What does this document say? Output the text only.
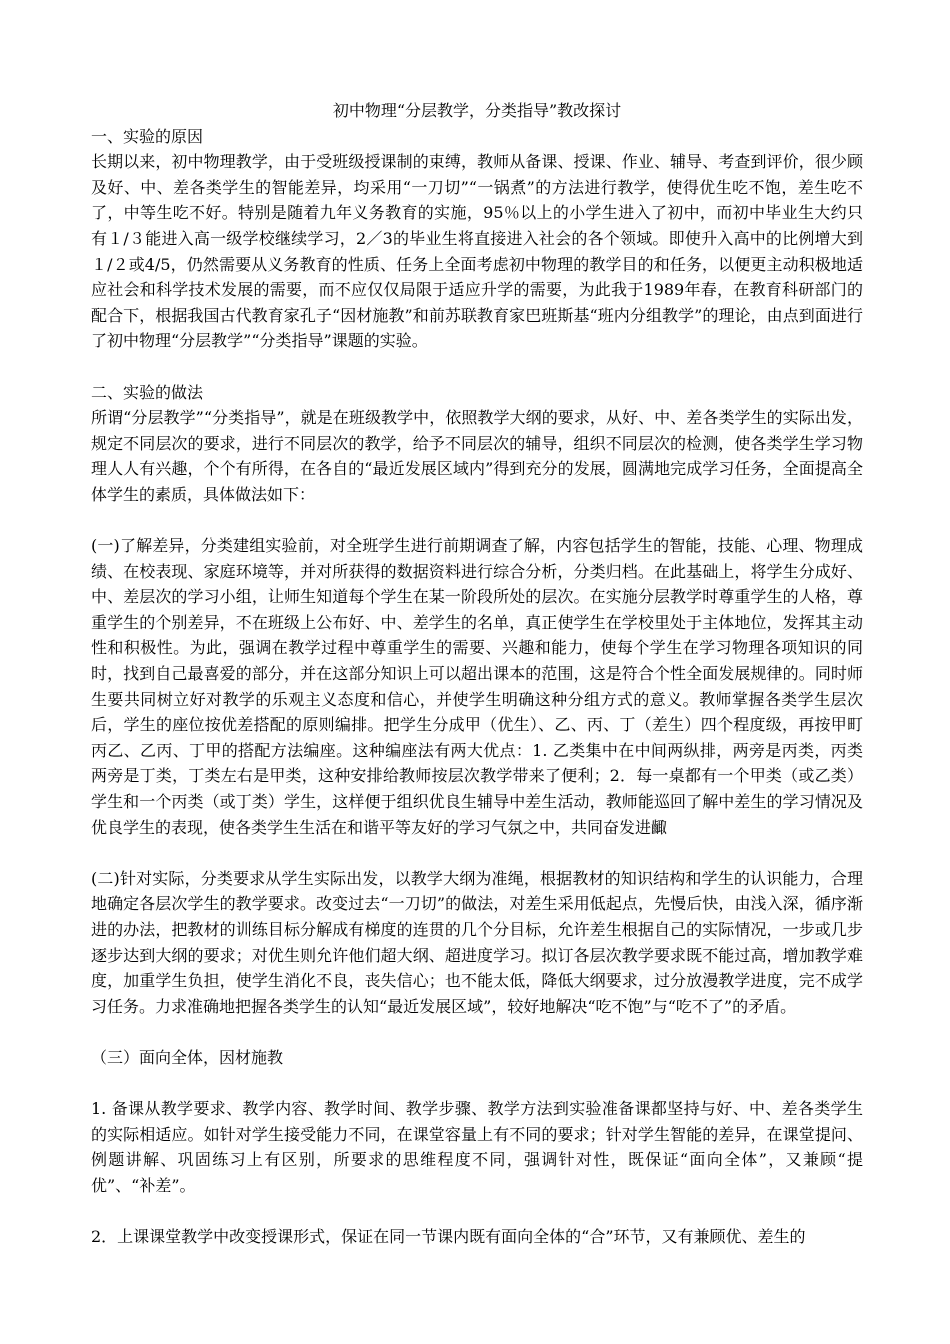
初中物理“分层教学，分类指导”教改探讨

一、实验的原因

长期以来，初中物理教学，由于受班级授课制的束缚，教师从备课、授课、作业、辅导、考查到评价，很少顾及好、中、差各类学生的智能差异，均采用“一刀切”“一锅煮”的方法进行教学，使得优生吃不饱，差生吃不了，中等生吃不好。特别是随着九年义务教育的实施，95％以上的小学生进入了初中，而初中毕业生大约只有１/３能进入高一级学校继续学习，2／3的毕业生将直接进入社会的各个领域。即使升入高中的比例增大到１/２或4/5，仍然需要从义务教育的性质、任务上全面考虑初中物理的教学目的和任务，以便更主动积极地适应社会和科学技术发展的需要，而不应仅仅局限于适应升学的需要，为此我于1989年春，在教育科研部门的配合下，根据我国古代教育家孔子“因材施教”和前苏联教育家巴班斯基“班内分组教学”的理论，由点到面进行了初中物理“分层教学”“分类指导”课题的实验。

二、实验的做法

所谓“分层教学”“分类指导”，就是在班级教学中，依照教学大纲的要求，从好、中、差各类学生的实际出发，规定不同层次的要求，进行不同层次的教学，给予不同层次的辅导，组织不同层次的检测，使各类学生学习物理人人有兴趣，个个有所得，在各自的“最近发展区域内”得到充分的发展，圆满地完成学习任务，全面提高全体学生的素质，具体做法如下：

(一)了解差异，分类建组实验前，对全班学生进行前期调查了解，内容包括学生的智能，技能、心理、物理成绩、在校表现、家庭环境等，并对所获得的数据资料进行综合分析，分类归档。在此基础上，将学生分成好、中、差层次的学习小组，让师生知道每个学生在某一阶段所处的层次。在实施分层教学时尊重学生的人格，尊重学生的个别差异，不在班级上公布好、中、差学生的名单，真正使学生在学校里处于主体地位，发挥其主动性和积极性。为此，强调在教学过程中尊重学生的需要、兴趣和能力，使每个学生在学习物理各项知识的同时，找到自己最喜爱的部分，并在这部分知识上可以超出课本的范围，这是符合个性全面发展规律的。同时师生要共同树立好对教学的乐观主义态度和信心，并使学生明确这种分组方式的意义。教师掌握各类学生层次后，学生的座位按优差搭配的原则编排。把学生分成甲（优生）、乙、丙、丁（差生）四个程度级，再按甲町丙乙、乙丙、丁甲的搭配方法编座。这种编座法有两大优点：1. 乙类集中在中间两纵排，两旁是丙类，丙类两旁是丁类，丁类左右是甲类，这种安排给教师按层次教学带来了便利；2．每一桌都有一个甲类（或乙类）学生和一个丙类（或丁类）学生，这样便于组织优良生辅导中差生活动，教师能巡回了解中差生的学习情况及优良学生的表现，使各类学生生活在和谐平等友好的学习气氛之中，共同奋发进齱

(二)针对实际，分类要求从学生实际出发，以教学大纲为准绳，根据教材的知识结构和学生的认识能力，合理地确定各层次学生的教学要求。改变过去“一刀切”的做法，对差生采用低起点，先慢后快，由浅入深，循序渐进的办法，把教材的训练目标分解成有梯度的连贯的几个分目标，允许差生根据自己的实际情况，一步或几步逐步达到大纲的要求；对优生则允许他们超大纲、超进度学习。拟订各层次教学要求既不能过高，增加教学难度，加重学生负担，使学生消化不良，丧失信心；也不能太低，降低大纲要求，过分放漫教学进度，完不成学习任务。力求准确地把握各类学生的认知“最近发展区域”，较好地解决“吃不饱”与“吃不了”的矛盾。

（三）面向全体，因材施教

1. 备课从教学要求、教学内容、教学时间、教学步骤、教学方法到实验准备课都坚持与好、中、差各类学生的实际相适应。如针对学生接受能力不同，在课堂容量上有不同的要求；针对学生智能的差异，在课堂提问、例题讲解、巩固练习上有区别，所要求的思维程度不同，强调针对性，既保证“面向全体”，又兼顾“提优”、“补差”。

2．上课课堂教学中改变授课形式，保证在同一节课内既有面向全体的“合”环节，又有兼顾优、差生的
